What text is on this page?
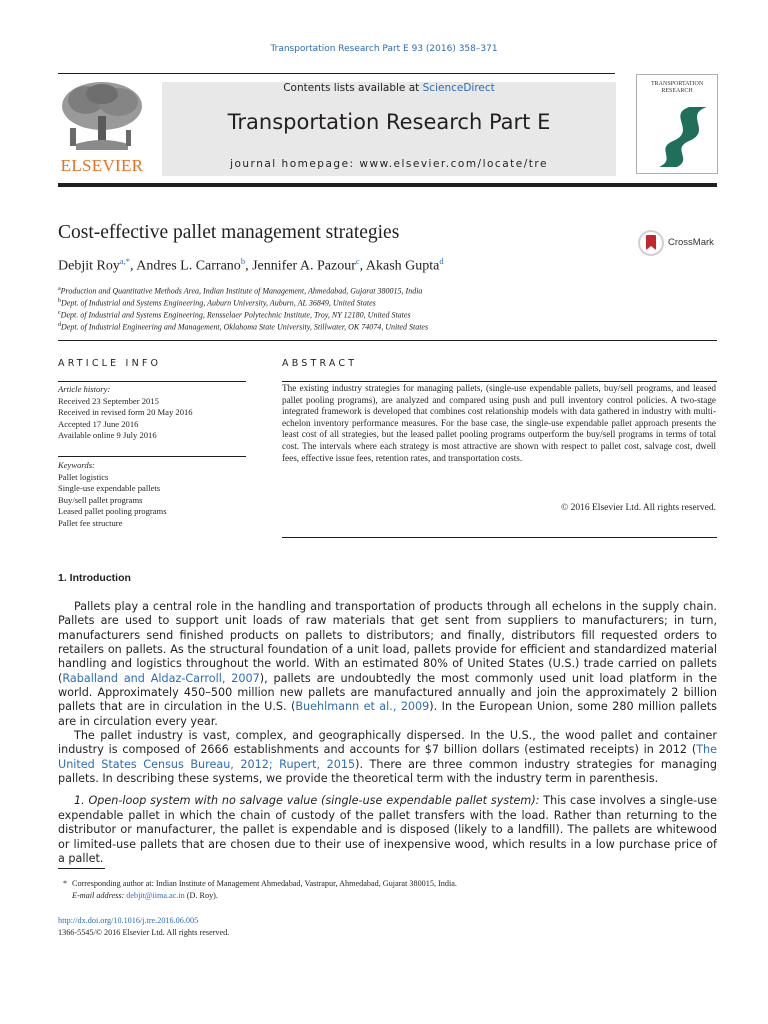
Transportation Research Part E 93 (2016) 358–371
ELSEVIER
Contents lists available at ScienceDirect
Transportation Research Part E
journal homepage: www.elsevier.com/locate/tre
TRANSPORTATION RESEARCH
Cost-effective pallet management strategies	CrossMark
Debjit Roy$^{a,*}$, Andres L. Carrano$^b$, Jennifer A. Pazour$^c$, Akash Gupta$^d$
$^a$Production and Quantitative Methods Area, Indian Institute of Management, Ahmedabad, Gujarat 380015, India
$^b$Dept. of Industrial and Systems Engineering, Auburn University, Auburn, AL 36849, United States
$^c$Dept. of Industrial and Systems Engineering, Rensselaer Polytechnic Institute, Troy, NY 12180, United States
$^d$Dept. of Industrial Engineering and Management, Oklahoma State University, Stillwater, OK 74074, United States
ARTICLE INFO	ABSTRACT
Article history:
Received 23 September 2015
Received in revised form 20 May 2016
Accepted 17 June 2016
Available online 9 July 2016
Keywords:
Pallet logistics
Single-use expendable pallets
Buy/sell pallet programs
Leased pallet pooling programs
Pallet fee structure
The existing industry strategies for managing pallets, (single-use expendable pallets, buy/sell programs, and leased pallet pooling programs), are analyzed and compared using push and pull inventory control policies. A two-stage integrated framework is developed that combines cost relationship models with data gathered in industry with multi-echelon inventory performance measures. For the base case, the single-use expendable pallet approach presents the least cost of all strategies, but the leased pallet pooling programs outperform the buy/sell programs in terms of total cost. The intervals where each strategy is most attractive are shown with respect to pallet cost, salvage cost, dwell fees, effective issue fees, retention rates, and transportation costs.
© 2016 Elsevier Ltd. All rights reserved.
1. Introduction

Pallets play a central role in the handling and transportation of products through all echelons in the supply chain. Pallets are used to support unit loads of raw materials that get sent from suppliers to manufacturers; in turn, manufacturers send finished products on pallets to distributors; and finally, distributors fill requested orders to retailers on pallets. As the structural foundation of a unit load, pallets provide for efficient and standardized material handling and logistics throughout the world. With an estimated 80% of United States (U.S.) trade carried on pallets (Raballand and Aldaz-Carroll, 2007), pallets are undoubtedly the most commonly used unit load platform in the world. Approximately 450–500 million new pallets are manufactured annually and join the approximately 2 billion pallets that are in circulation in the U.S. (Buehlmann et al., 2009). In the European Union, some 280 million pallets are in circulation every year.

The pallet industry is vast, complex, and geographically dispersed. In the U.S., the wood pallet and container industry is composed of 2666 establishments and accounts for $7 billion dollars (estimated receipts) in 2012 (The United States Census Bureau, 2012; Rupert, 2015). There are three common industry strategies for managing pallets. In describing these systems, we provide the theoretical term with the industry term in parenthesis.

1. Open-loop system with no salvage value (single-use expendable pallet system): This case involves a single-use expendable pallet in which the chain of custody of the pallet transfers with the load. Rather than returning to the distributor or manufacturer, the pallet is expendable and is disposed (likely to a landfill). The pallets are whitewood or limited-use pallets that are chosen due to their use of inexpensive wood, which results in a low purchase price of a pallet.

* Corresponding author at: Indian Institute of Management Ahmedabad, Vastrapur, Ahmedabad, Gujarat 380015, India.
E-mail address: debjit@iima.ac.in (D. Roy).
http://dx.doi.org/10.1016/j.tre.2016.06.005
1366-5545/© 2016 Elsevier Ltd. All rights reserved.
